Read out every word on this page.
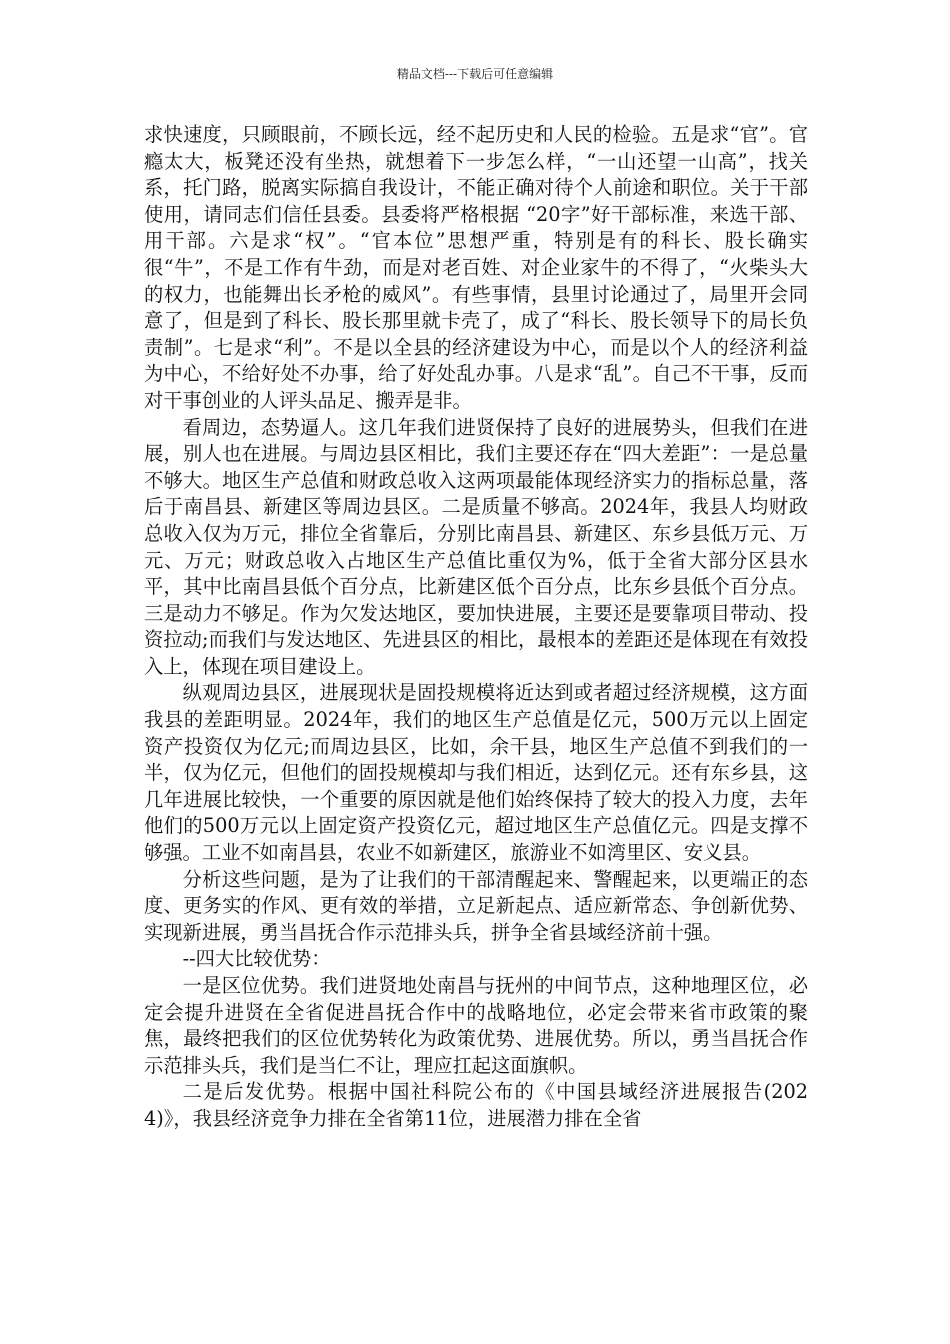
精品文档---下载后可任意编辑

求快速度，只顾眼前，不顾长远，经不起历史和人民的检验。五是求“官”。官瘾太大，板凳还没有坐热，就想着下一步怎么样，“一山还望一山高”，找关系，托门路，脱离实际搞自我设计，不能正确对待个人前途和职位。关于干部使用，请同志们信任县委。县委将严格根据 “20字”好干部标准，来选干部、用干部。六是求“权”。“官本位”思想严重，特别是有的科长、股长确实很“牛”，不是工作有牛劲，而是对老百姓、对企业家牛的不得了，“火柴头大的权力，也能舞出长矛枪的威风”。有些事情，县里讨论通过了，局里开会同意了，但是到了科长、股长那里就卡壳了，成了“科长、股长领导下的局长负责制”。七是求“利”。不是以全县的经济建设为中心，而是以个人的经济利益为中心，不给好处不办事，给了好处乱办事。八是求“乱”。自己不干事，反而对干事创业的人评头品足、搬弄是非。

看周边，态势逼人。这几年我们进贤保持了良好的进展势头，但我们在进展，别人也在进展。与周边县区相比，我们主要还存在“四大差距”：一是总量不够大。地区生产总值和财政总收入这两项最能体现经济实力的指标总量，落后于南昌县、新建区等周边县区。二是质量不够高。2024年，我县人均财政总收入仅为万元，排位全省靠后，分别比南昌县、新建区、东乡县低万元、万元、万元；财政总收入占地区生产总值比重仅为%，低于全省大部分区县水平，其中比南昌县低个百分点，比新建区低个百分点，比东乡县低个百分点。三是动力不够足。作为欠发达地区，要加快进展，主要还是要靠项目带动、投资拉动;而我们与发达地区、先进县区的相比，最根本的差距还是体现在有效投入上，体现在项目建设上。

纵观周边县区，进展现状是固投规模将近达到或者超过经济规模，这方面我县的差距明显。2024年，我们的地区生产总值是亿元，500万元以上固定资产投资仅为亿元;而周边县区，比如，余干县，地区生产总值不到我们的一半，仅为亿元，但他们的固投规模却与我们相近，达到亿元。还有东乡县，这几年进展比较快，一个重要的原因就是他们始终保持了较大的投入力度，去年他们的500万元以上固定资产投资亿元，超过地区生产总值亿元。四是支撑不够强。工业不如南昌县，农业不如新建区，旅游业不如湾里区、安义县。

分析这些问题，是为了让我们的干部清醒起来、警醒起来，以更端正的态度、更务实的作风、更有效的举措，立足新起点、适应新常态、争创新优势、实现新进展，勇当昌抚合作示范排头兵，拼争全省县域经济前十强。

--四大比较优势：

一是区位优势。我们进贤地处南昌与抚州的中间节点，这种地理区位，必定会提升进贤在全省促进昌抚合作中的战略地位，必定会带来省市政策的聚焦，最终把我们的区位优势转化为政策优势、进展优势。所以，勇当昌抚合作示范排头兵，我们是当仁不让，理应扛起这面旗帜。

二是后发优势。根据中国社科院公布的《中国县域经济进展报告(2024)》，我县经济竞争力排在全省第11位，进展潜力排在全省
